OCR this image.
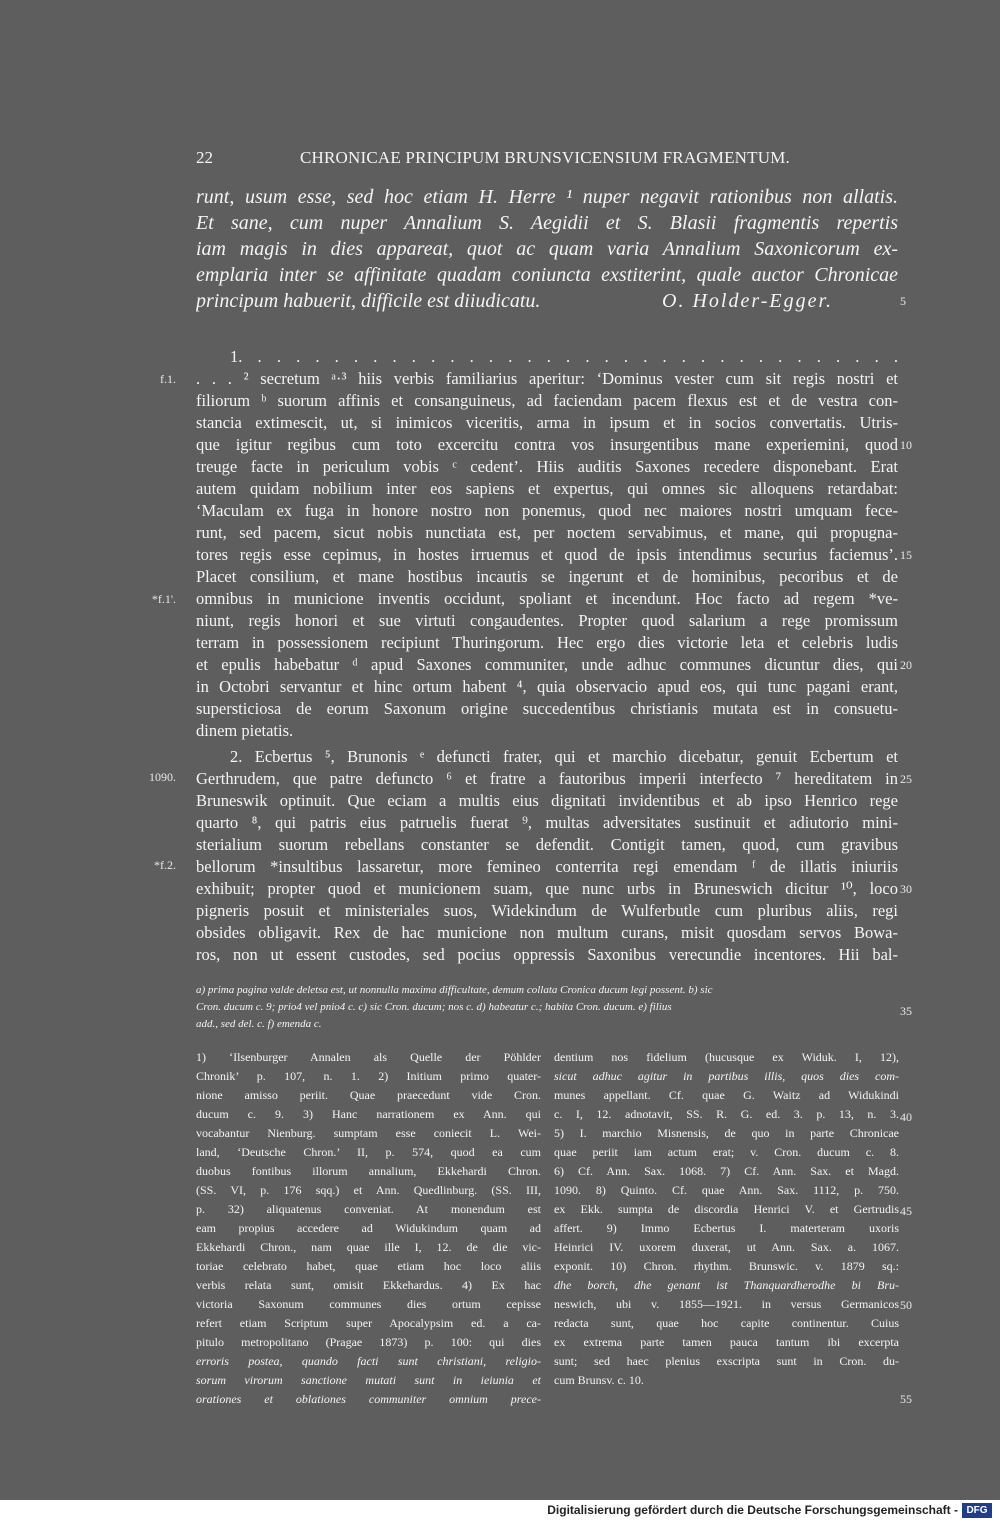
22	CHRONICAE PRINCIPUM BRUNSVICENSIUM FRAGMENTUM.
runt, usum esse, sed hoc etiam H. Herre ¹ nuper negavit rationibus non allatis.
Et sane, cum nuper Annalium S. Aegidii et S. Blasii fragmentis repertis
iam magis in dies appareat, quot ac quam varia Annalium Saxonicorum ex-
emplaria inter se affinitate quadam coniuncta exstiterint, quale auctor Chronicae
principum habuerit, difficile est diiudicatu.	O. Holder-Egger.
1. . . . . . . . . . . . . . . . . . . . . . . . . . . . . . . . . . .
. . . ² secretum ᵃ·³ hiis verbis familiarius aperitur: ‘Dominus vester cum sit regis nostri et
filiorum ᵇ suorum affinis et consanguineus, ad faciendam pacem flexus est et de vestra con-
stancia extimescit, ut, si inimicos viceritis, arma in ipsum et in socios convertatis. Utris-
que igitur regibus cum toto excercitu contra vos insurgentibus mane experiemini, quod
treuge facte in periculum vobis ᶜ cedent’. Hiis auditis Saxones recedere disponebant. Erat
autem quidam nobilium inter eos sapiens et expertus, qui omnes sic alloquens retardabat:
‘Maculam ex fuga in honore nostro non ponemus, quod nec maiores nostri umquam fece-
runt, sed pacem, sicut nobis nunctiata est, per noctem servabimus, et mane, qui propugna-
tores regis esse cepimus, in hostes irruemus et quod de ipsis intendimus securius faciemus’.
Placet consilium, et mane hostibus incautis se ingerunt et de hominibus, pecoribus et de
omnibus in municione inventis occidunt, spoliant et incendunt. Hoc facto ad regem *ve-
niunt, regis honori et sue virtuti congaudentes. Propter quod salarium a rege promissum
terram in possessionem recipiunt Thuringorum. Hec ergo dies victorie leta et celebris ludis
et epulis habebatur ᵈ apud Saxones communiter, unde adhuc communes dicuntur dies, qui
in Octobri servantur et hinc ortum habent ⁴, quia observacio apud eos, qui tunc pagani erant,
supersticiosa de eorum Saxonum origine succedentibus christianis mutata est in consuetu-
dinem pietatis.
2. Ecbertus ⁵, Brunonis ᵉ defuncti frater, qui et marchio dicebatur, genuit Ecbertum et
Gerthrudem, que patre defuncto ⁶ et fratre a fautoribus imperii interfecto ⁷ hereditatem in
Bruneswik optinuit. Que eciam a multis eius dignitati invidentibus et ab ipso Henrico rege
quarto ⁸, qui patris eius patruelis fuerat ⁹, multas adversitates sustinuit et adiutorio mini-
sterialium suorum rebellans constanter se defendit. Contigit tamen, quod, cum gravibus
bellorum *insultibus lassaretur, more femineo conterrita regi emendam ᶠ de illatis iniuriis
exhibuit; propter quod et municionem suam, que nunc urbs in Bruneswich dicitur ¹⁰, loco
pigneris posuit et ministeriales suos, Widekindum de Wulferbutle cum pluribus aliis, regi
obsides obligavit. Rex de hac municione non multum curans, misit quosdam servos Bowa-
ros, non ut essent custodes, sed pocius oppressis Saxonibus verecundie incentores. Hii bal-
f.1.
*f.1'.
1090.
*f.2.
5
10
15
20
25
30
35
40
45
50
55
a) prima pagina valde deletsa est, ut nonnulla maxima difficultate, demum collata Cronica ducum legi possent. b) sic
Cron. ducum c. 9; prio4 vel pnio4 c. c) sic Cron. ducum; nos c. d) habeatur c.; habita Cron. ducum. e) filius
add., sed del. c. f) emenda c.
1) ‘Ilsenburger Annalen als Quelle der Pöhlder
Chronik’ p. 107, n. 1. 2) Initium primo quater-
nione amisso periit. Quae praecedunt vide Cron.
ducum c. 9. 3) Hanc narrationem ex Ann. qui
vocabantur Nienburg. sumptam esse coniecit L. Wei-
land, ‘Deutsche Chron.’ II, p. 574, quod ea cum
duobus fontibus illorum annalium, Ekkehardi Chron.
(SS. VI, p. 176 sqq.) et Ann. Quedlinburg. (SS. III,
p. 32) aliquatenus conveniat. At monendum est
eam propius accedere ad Widukindum quam ad
Ekkehardi Chron., nam quae ille I, 12. de die vic-
toriae celebrato habet, quae etiam hoc loco aliis
verbis relata sunt, omisit Ekkehardus. 4) Ex hac
victoria Saxonum communes dies ortum cepisse
refert etiam Scriptum super Apocalypsim ed. a ca-
pitulo metropolitano (Pragae 1873) p. 100: qui dies
erroris postea, quando facti sunt christiani, religio-
sorum virorum sanctione mutati sunt in ieiunia et
orationes et oblationes communiter omnium prece-
dentium nos fidelium (hucusque ex Widuk. I, 12),
sicut adhuc agitur in partibus illis, quos dies com-
munes appellant. Cf. quae G. Waitz ad Widukindi
c. I, 12. adnotavit, SS. R. G. ed. 3. p. 13, n. 3.
5) I. marchio Misnensis, de quo in parte Chronicae
quae periit iam actum erat; v. Cron. ducum c. 8.
6) Cf. Ann. Sax. 1068. 7) Cf. Ann. Sax. et Magd.
1090. 8) Quinto. Cf. quae Ann. Sax. 1112, p. 750.
ex Ekk. sumpta de discordia Henrici V. et Gertrudis
affert. 9) Immo Ecbertus I. materteram uxoris
Heinrici IV. uxorem duxerat, ut Ann. Sax. a. 1067.
exponit. 10) Chron. rhythm. Brunswic. v. 1879 sq.:
dhe borch, dhe genant ist Thanquardherodhe bi Bru-
neswich, ubi v. 1855—1921. in versus Germanicos
redacta sunt, quae hoc capite continentur. Cuius
ex extrema parte tamen pauca tantum ibi excerpta
sunt; sed haec plenius exscripta sunt in Cron. du-
cum Brunsv. c. 10.
Digitalisierung gefördert durch die Deutsche Forschungsgemeinschaft - DFG
